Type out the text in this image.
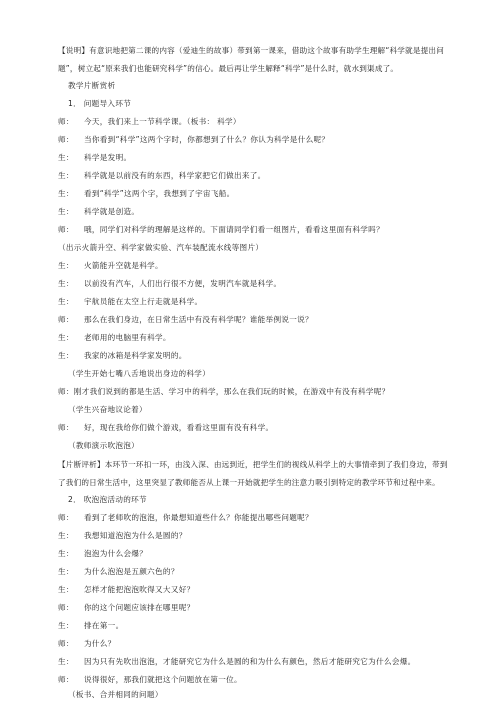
【说明】有意识地把第二课的内容（爱迪生的故事）带到第一课来，借助这个故事有助学生理解“科学就是提出问题”，树立起“原来我们也能研究科学”的信心。最后再让学生解释“科学”是什么时，就水到渠成了。
教学片断赏析
1． 问题导入环节
师： 今天，我们来上一节科学课。（板书： 科学）
师： 当你看到“科学”这两个字时，你都想到了什么？你认为科学是什么呢？
生： 科学是发明。
生： 科学就是以前没有的东西，科学家把它们做出来了。
生： 看到“科学”这两个字，我想到了宇宙飞船。
生： 科学就是创造。
师： 哦，同学们对科学的理解是这样的。下面请同学们看一组图片，看看这里面有科学吗？
（出示火箭升空、科学家做实验、汽车装配流水线等图片）
生： 火箭能升空就是科学。
生： 以前没有汽车，人们出行很不方便，发明汽车就是科学。
生： 宇航员能在太空上行走就是科学。
师： 那么在我们身边，在日常生活中有没有科学呢？谁能举例说一说？
生： 老师用的电脑里有科学。
生： 我家的冰箱是科学家发明的。
（学生开始七嘴八舌地说出身边的科学）
师：刚才我们说到的都是生活、学习中的科学，那么在我们玩的时候，在游戏中有没有科学呢？
（学生兴奋地议论着）
师： 好，现在我给你们做个游戏，看看这里面有没有科学。
（教师演示吹泡泡）
【片断评析】本环节一环扣一环，由浅入深、由远到近，把学生们的视线从科学上的大事情牵到了我们身边，带到了我们的日常生活中，这里突显了教师能否从上课一开始就把学生的注意力吸引到特定的教学环节和过程中来。
2． 吹泡泡活动的环节
师： 看到了老师吹的泡泡，你最想知道些什么？你能提出哪些问题呢？
生： 我想知道泡泡为什么是圆的？
生： 泡泡为什么会爆？
生： 为什么泡泡是五颜六色的？
生： 怎样才能把泡泡吹得又大又好？
师： 你的这个问题应该排在哪里呢？
生： 排在第一。
师： 为什么？
生： 因为只有先吹出泡泡，才能研究它为什么是圆的和为什么有颜色，然后才能研究它为什么会爆。
师： 说得很好，那我们就把这个问题放在第一位。
（板书、合并相同的问题）
